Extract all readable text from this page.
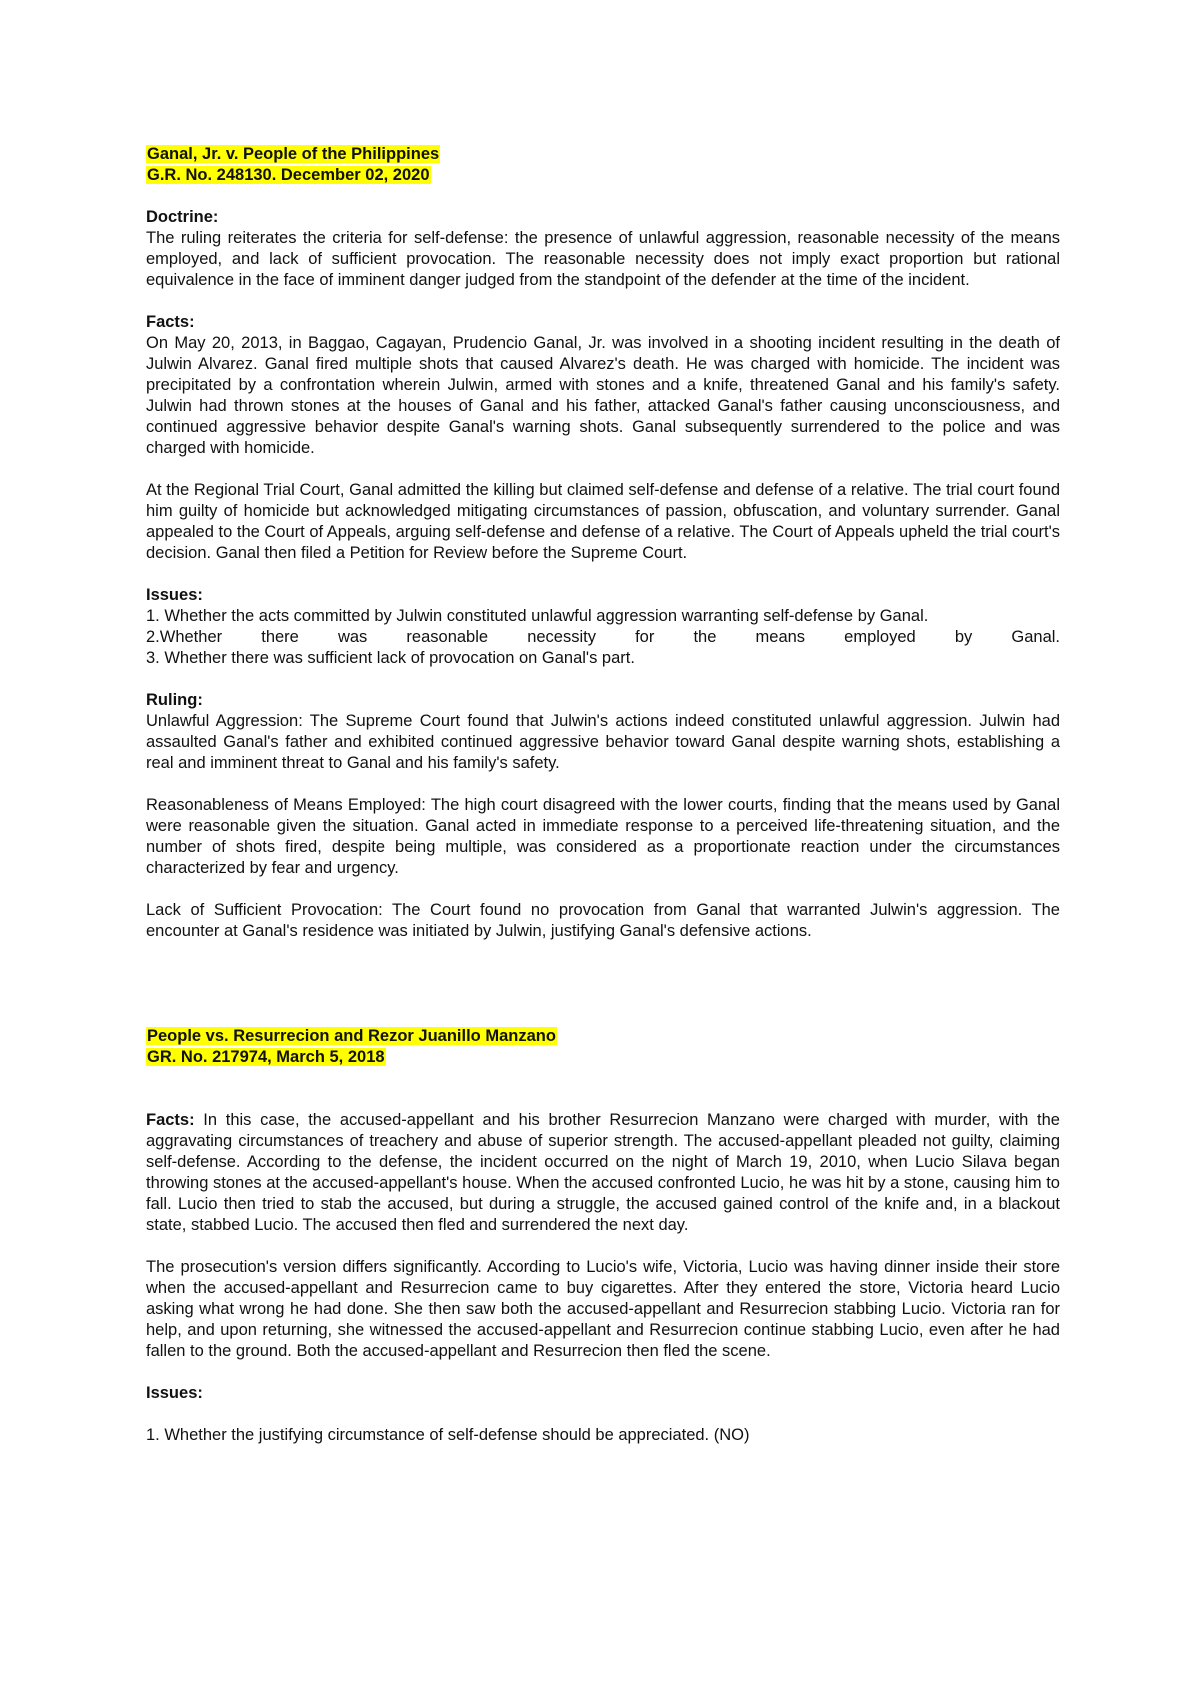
Ganal, Jr. v. People of the Philippines
G.R. No. 248130. December 02, 2020
Doctrine:

The ruling reiterates the criteria for self-defense: the presence of unlawful aggression, reasonable necessity of the means employed, and lack of sufficient provocation. The reasonable necessity does not imply exact proportion but rational equivalence in the face of imminent danger judged from the standpoint of the defender at the time of the incident.

Facts:

On May 20, 2013, in Baggao, Cagayan, Prudencio Ganal, Jr. was involved in a shooting incident resulting in the death of Julwin Alvarez. Ganal fired multiple shots that caused Alvarez's death. He was charged with homicide. The incident was precipitated by a confrontation wherein Julwin, armed with stones and a knife, threatened Ganal and his family's safety. Julwin had thrown stones at the houses of Ganal and his father, attacked Ganal's father causing unconsciousness, and continued aggressive behavior despite Ganal's warning shots. Ganal subsequently surrendered to the police and was charged with homicide.

At the Regional Trial Court, Ganal admitted the killing but claimed self-defense and defense of a relative. The trial court found him guilty of homicide but acknowledged mitigating circumstances of passion, obfuscation, and voluntary surrender. Ganal appealed to the Court of Appeals, arguing self-defense and defense of a relative. The Court of Appeals upheld the trial court's decision. Ganal then filed a Petition for Review before the Supreme Court.

Issues:

1. Whether the acts committed by Julwin constituted unlawful aggression warranting self-defense by Ganal.

2.Whether there was reasonable necessity for the means employed by Ganal.

3. Whether there was sufficient lack of provocation on Ganal's part.

Ruling:

Unlawful Aggression: The Supreme Court found that Julwin's actions indeed constituted unlawful aggression. Julwin had assaulted Ganal's father and exhibited continued aggressive behavior toward Ganal despite warning shots, establishing a real and imminent threat to Ganal and his family's safety.

Reasonableness of Means Employed: The high court disagreed with the lower courts, finding that the means used by Ganal were reasonable given the situation. Ganal acted in immediate response to a perceived life-threatening situation, and the number of shots fired, despite being multiple, was considered as a proportionate reaction under the circumstances characterized by fear and urgency.

Lack of Sufficient Provocation: The Court found no provocation from Ganal that warranted Julwin's aggression. The encounter at Ganal's residence was initiated by Julwin, justifying Ganal's defensive actions.

People vs. Resurrecion and Rezor Juanillo Manzano
GR. No. 217974, March 5, 2018

Facts: In this case, the accused-appellant and his brother Resurrecion Manzano were charged with murder, with the aggravating circumstances of treachery and abuse of superior strength. The accused-appellant pleaded not guilty, claiming self-defense. According to the defense, the incident occurred on the night of March 19, 2010, when Lucio Silava began throwing stones at the accused-appellant's house. When the accused confronted Lucio, he was hit by a stone, causing him to fall. Lucio then tried to stab the accused, but during a struggle, the accused gained control of the knife and, in a blackout state, stabbed Lucio. The accused then fled and surrendered the next day.

The prosecution's version differs significantly. According to Lucio's wife, Victoria, Lucio was having dinner inside their store when the accused-appellant and Resurrecion came to buy cigarettes. After they entered the store, Victoria heard Lucio asking what wrong he had done. She then saw both the accused-appellant and Resurrecion stabbing Lucio. Victoria ran for help, and upon returning, she witnessed the accused-appellant and Resurrecion continue stabbing Lucio, even after he had fallen to the ground. Both the accused-appellant and Resurrecion then fled the scene.

Issues:

1. Whether the justifying circumstance of self-defense should be appreciated. (NO)
